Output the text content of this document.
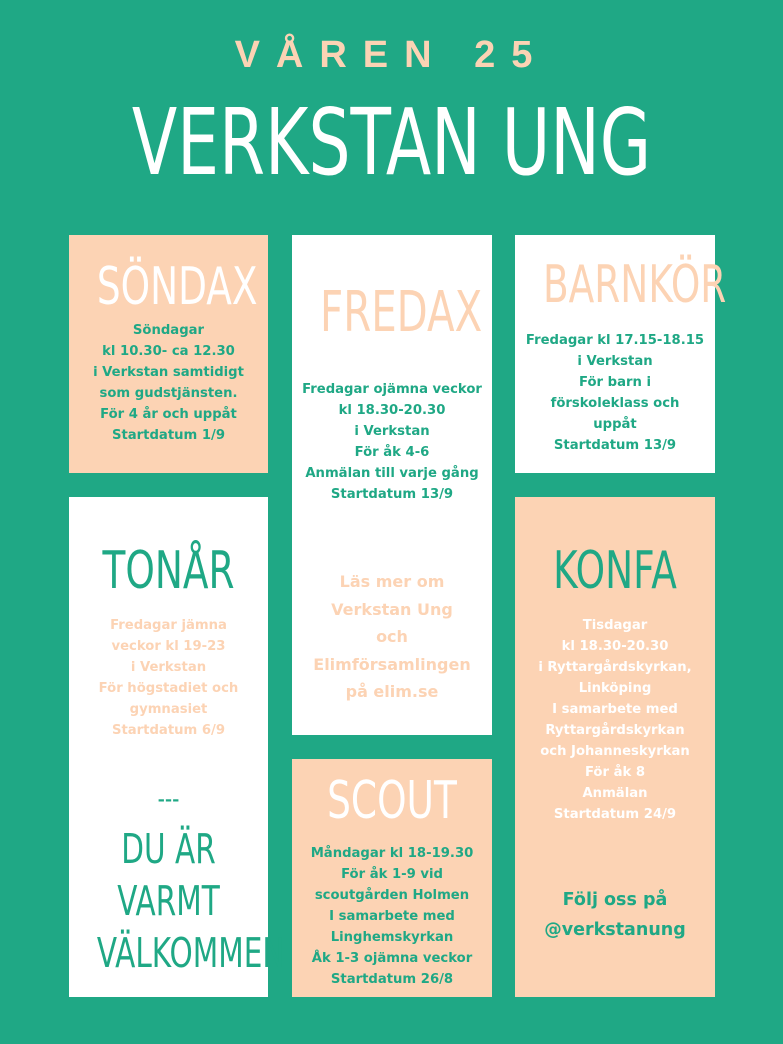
VÅREN 25
VERKSTAN UNG
SÖNDAX
Söndagar
kl 10.30- ca 12.30
i Verkstan samtidigt
som gudstjänsten.
För 4 år och uppåt
Startdatum 1/9
FREDAX
Fredagar ojämna veckor
kl 18.30-20.30
i Verkstan
För åk 4-6
Anmälan till varje gång
Startdatum 13/9
Läs mer om
Verkstan Ung
och
Elimförsamlingen
på elim.se
BARNKÖR
Fredagar kl 17.15-18.15
i Verkstan
För barn i
förskoleklass och
uppåt
Startdatum 13/9
TONÅR
Fredagar jämna
veckor kl 19-23
i Verkstan
För högstadiet och
gymnasiet
Startdatum 6/9
---
DU ÄR
VARMT
VÄLKOMMEN
SCOUT
Måndagar kl 18-19.30
För åk 1-9 vid
scoutgården Holmen
I samarbete med
Linghemskyrkan
Åk 1-3 ojämna veckor
Startdatum 26/8
KONFA
Tisdagar
kl 18.30-20.30
i Ryttargårdskyrkan,
Linköping
I samarbete med
Ryttargårdskyrkan
och Johanneskyrkan
För åk 8
Anmälan
Startdatum 24/9
Följ oss på
@verkstanung
